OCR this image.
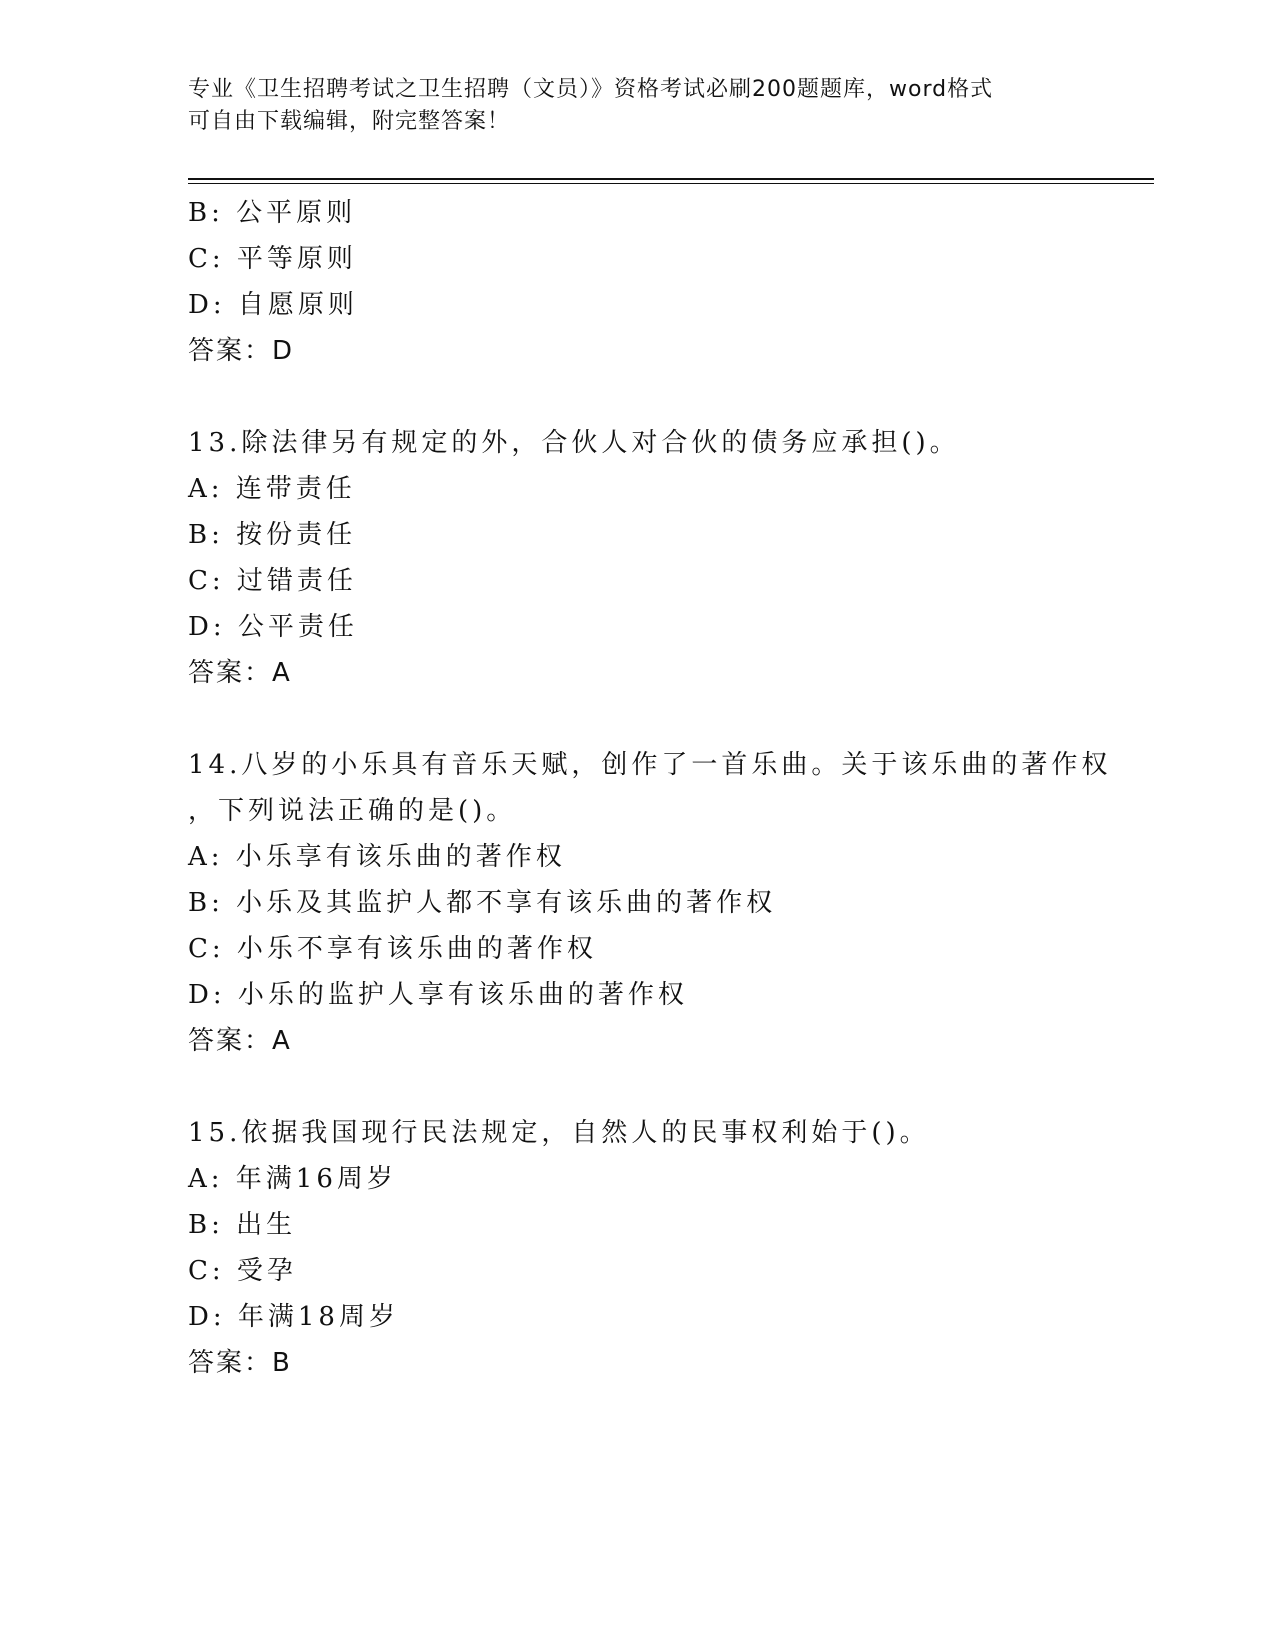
专业《卫生招聘考试之卫生招聘（文员）》资格考试必刷200题题库，word格式
可自由下载编辑，附完整答案！
B: 公平原则
C: 平等原则
D: 自愿原则
答案：D
13.除法律另有规定的外，合伙人对合伙的债务应承担()。
A: 连带责任
B: 按份责任
C: 过错责任
D: 公平责任
答案：A
14.八岁的小乐具有音乐天赋，创作了一首乐曲。关于该乐曲的著作权
，下列说法正确的是()。
A: 小乐享有该乐曲的著作权
B: 小乐及其监护人都不享有该乐曲的著作权
C: 小乐不享有该乐曲的著作权
D: 小乐的监护人享有该乐曲的著作权
答案：A
15.依据我国现行民法规定，自然人的民事权利始于()。
A: 年满16周岁
B: 出生
C: 受孕
D: 年满18周岁
答案：B
